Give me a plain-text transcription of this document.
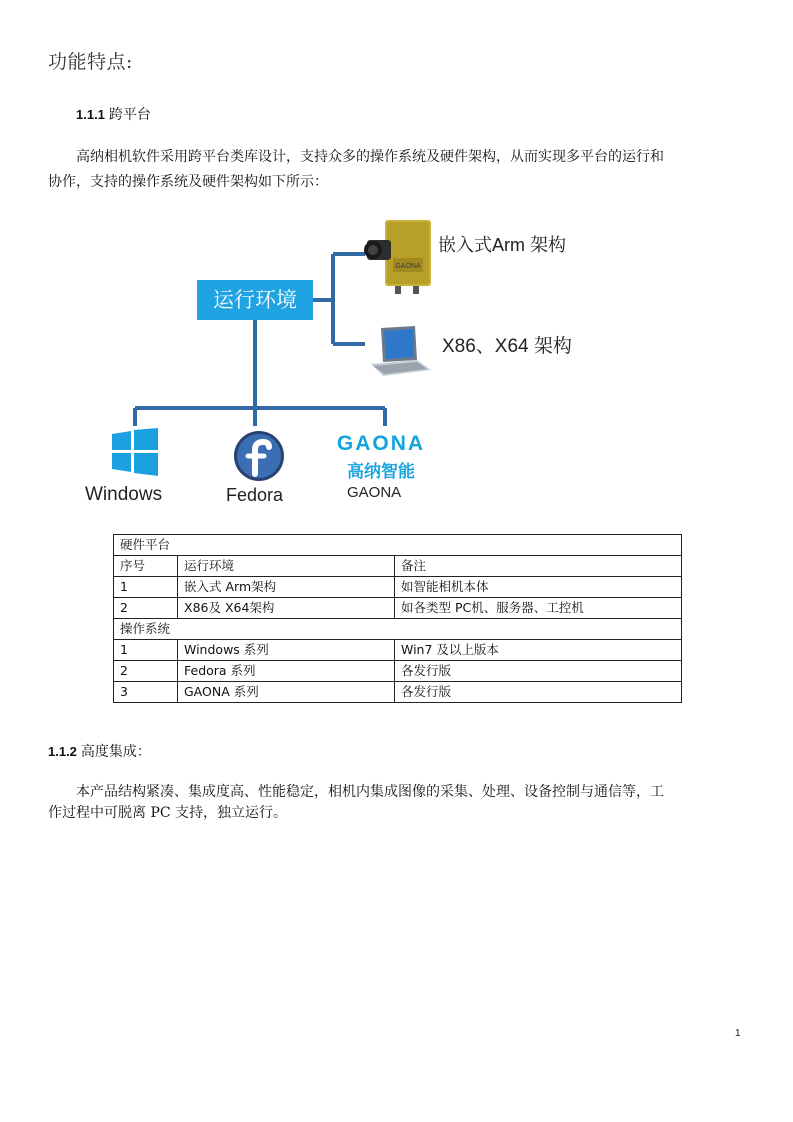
功能特点:
1.1.1 跨平台
高纳相机软件采用跨平台类库设计，支持众多的操作系统及硬件架构，从而实现多平台的运行和
协作，支持的操作系统及硬件架构如下所示：
GAONA
嵌入式Arm 架构
X86、X64 架构
运行环境
Windows	Fedora
GAONA
高纳智能
GAONA
硬件平台		
序号	运行环境	备注
1	嵌入式 Arm架构	如智能相机本体
2	X86及 X64架构	如各类型 PC机、服务器、工控机
操作系统		
1	Windows 系列	Win7 及以上版本
2	Fedora 系列	各发行版
3	GAONA 系列	各发行版
1.1.2 高度集成：
本产品结构紧凑、集成度高、性能稳定，相机内集成图像的采集、处理、设备控制与通信等，工
作过程中可脱离 PC 支持，独立运行。
1
